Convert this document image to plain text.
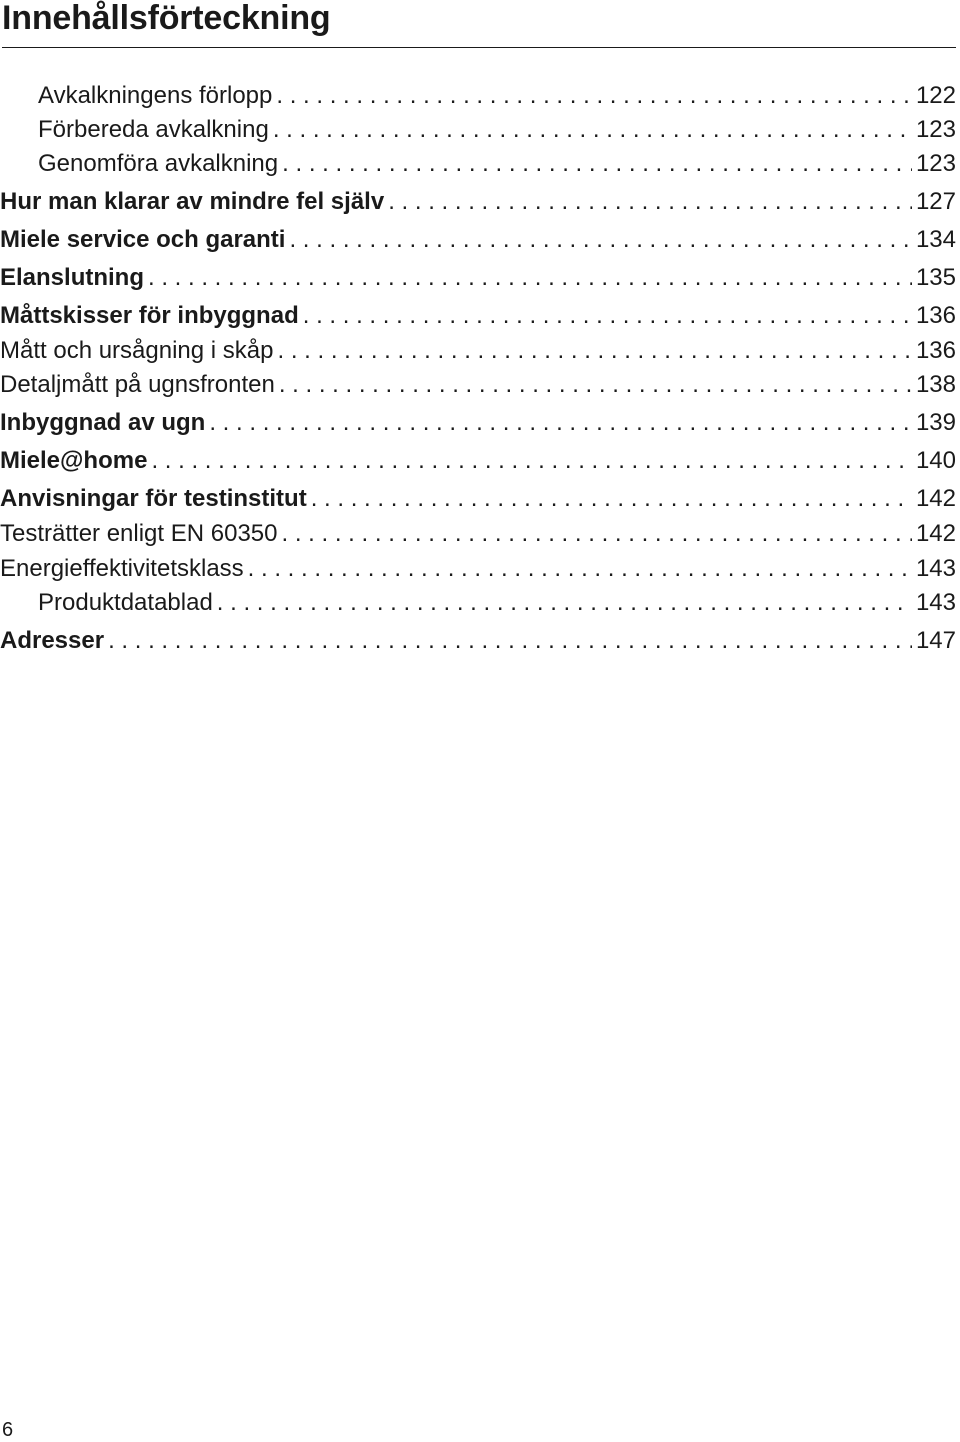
Innehållsförteckning
Avkalkningens förlopp . . .	122
Förbereda avkalkning . . .	123
Genomföra avkalkning . . .	123
Hur man klarar av mindre fel själv . . .	127
Miele service och garanti . . .	134
Elanslutning . . .	135
Måttskisser för inbyggnad . . .	136
Mått och ursågning i skåp . . .	136
Detaljmått på ugnsfronten . . .	138
Inbyggnad av ugn . . .	139
Miele@home . . .	140
Anvisningar för testinstitut . . .	142
Testrätter enligt EN 60350 . . .	142
Energieffektivitetsklass . . .	143
Produktdatablad . . .	143
Adresser . . .	147
6
